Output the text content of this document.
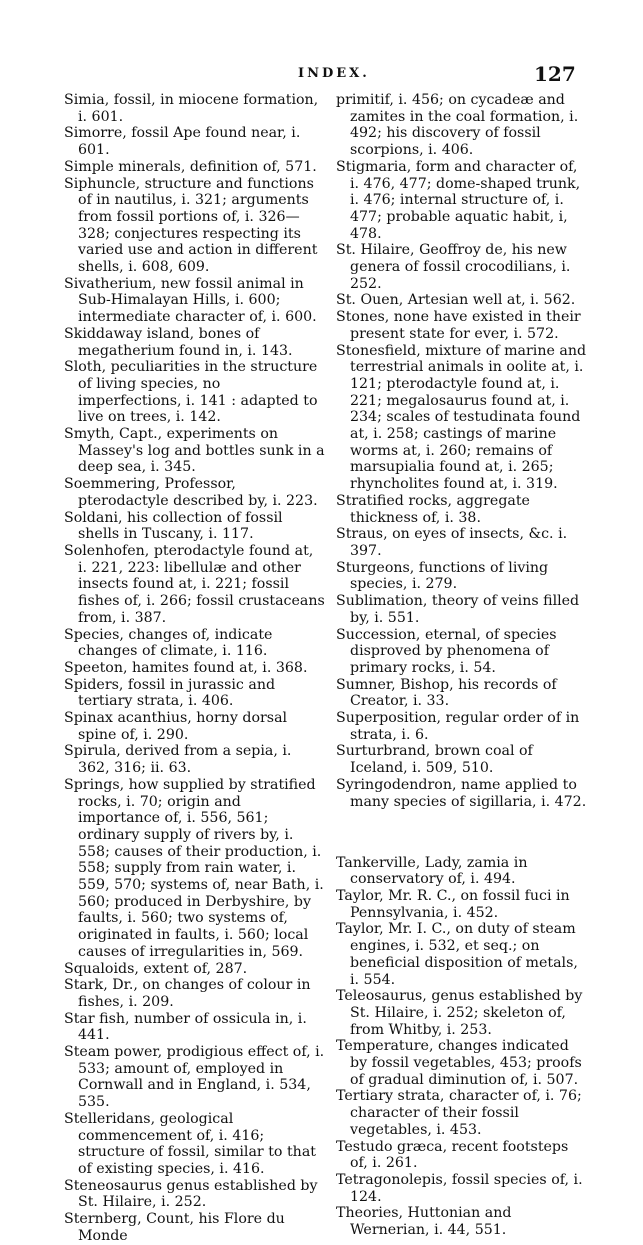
INDEX.	127

Simia, fossil, in miocene formation, i. 601.

Simorre, fossil Ape found near, i. 601.

Simple minerals, definition of, 571.

Siphuncle, structure and functions of in nautilus, i. 321; arguments from fossil portions of, i. 326—328; conjectures respecting its varied use and action in different shells, i. 608, 609.

Sivatherium, new fossil animal in Sub-Himalayan Hills, i. 600; intermediate character of, i. 600.

Skiddaway island, bones of megatherium found in, i. 143.

Sloth, peculiarities in the structure of living species, no imperfections, i. 141 : adapted to live on trees, i. 142.

Smyth, Capt., experiments on Massey's log and bottles sunk in a deep sea, i. 345.

Soemmering, Professor, pterodactyle described by, i. 223.

Soldani, his collection of fossil shells in Tuscany, i. 117.

Solenhofen, pterodactyle found at, i. 221, 223: libellulæ and other insects found at, i. 221; fossil fishes of, i. 266; fossil crustaceans from, i. 387.

Species, changes of, indicate changes of climate, i. 116.

Speeton, hamites found at, i. 368.

Spiders, fossil in jurassic and tertiary strata, i. 406.

Spinax acanthius, horny dorsal spine of, i. 290.

Spirula, derived from a sepia, i. 362, 316; ii. 63.

Springs, how supplied by stratified rocks, i. 70; origin and importance of, i. 556, 561; ordinary supply of rivers by, i. 558; causes of their production, i. 558; supply from rain water, i. 559, 570; systems of, near Bath, i. 560; produced in Derbyshire, by faults, i. 560; two systems of, originated in faults, i. 560; local causes of irregularities in, 569.

Squaloids, extent of, 287.

Stark, Dr., on changes of colour in fishes, i. 209.

Star fish, number of ossicula in, i. 441.

Steam power, prodigious effect of, i. 533; amount of, employed in Cornwall and in England, i. 534, 535.

Stelleridans, geological commencement of, i. 416; structure of fossil, similar to that of existing species, i. 416.

Steneosaurus genus established by St. Hilaire, i. 252.

Sternberg, Count, his Flore du Monde

primitif, i. 456; on cycadeæ and zamites in the coal formation, i. 492; his discovery of fossil scorpions, i. 406.

Stigmaria, form and character of, i. 476, 477; dome-shaped trunk, i. 476; internal structure of, i. 477; probable aquatic habit, i, 478.

St. Hilaire, Geoffroy de, his new genera of fossil crocodilians, i. 252.

St. Ouen, Artesian well at, i. 562.

Stones, none have existed in their present state for ever, i. 572.

Stonesfield, mixture of marine and terrestrial animals in oolite at, i. 121; pterodactyle found at, i. 221; megalosaurus found at, i. 234; scales of testudinata found at, i. 258; castings of marine worms at, i. 260; remains of marsupialia found at, i. 265; rhyncholites found at, i. 319.

Stratified rocks, aggregate thickness of, i. 38.

Straus, on eyes of insects, &c. i. 397.

Sturgeons, functions of living species, i. 279.

Sublimation, theory of veins filled by, i. 551.

Succession, eternal, of species disproved by phenomena of primary rocks, i. 54.

Sumner, Bishop, his records of Creator, i. 33.

Superposition, regular order of in strata, i. 6.

Surturbrand, brown coal of Iceland, i. 509, 510.

Syringodendron, name applied to many species of sigillaria, i. 472.

Tankerville, Lady, zamia in conservatory of, i. 494.

Taylor, Mr. R. C., on fossil fuci in Pennsylvania, i. 452.

Taylor, Mr. I. C., on duty of steam engines, i. 532, et seq.; on beneficial disposition of metals, i. 554.

Teleosaurus, genus established by St. Hilaire, i. 252; skeleton of, from Whitby, i. 253.

Temperature, changes indicated by fossil vegetables, 453; proofs of gradual diminution of, i. 507.

Tertiary strata, character of, i. 76; character of their fossil vegetables, i. 453.

Testudo græca, recent footsteps of, i. 261.

Tetragonolepis, fossil species of, i. 124.

Theories, Huttonian and Wernerian, i. 44, 551.
